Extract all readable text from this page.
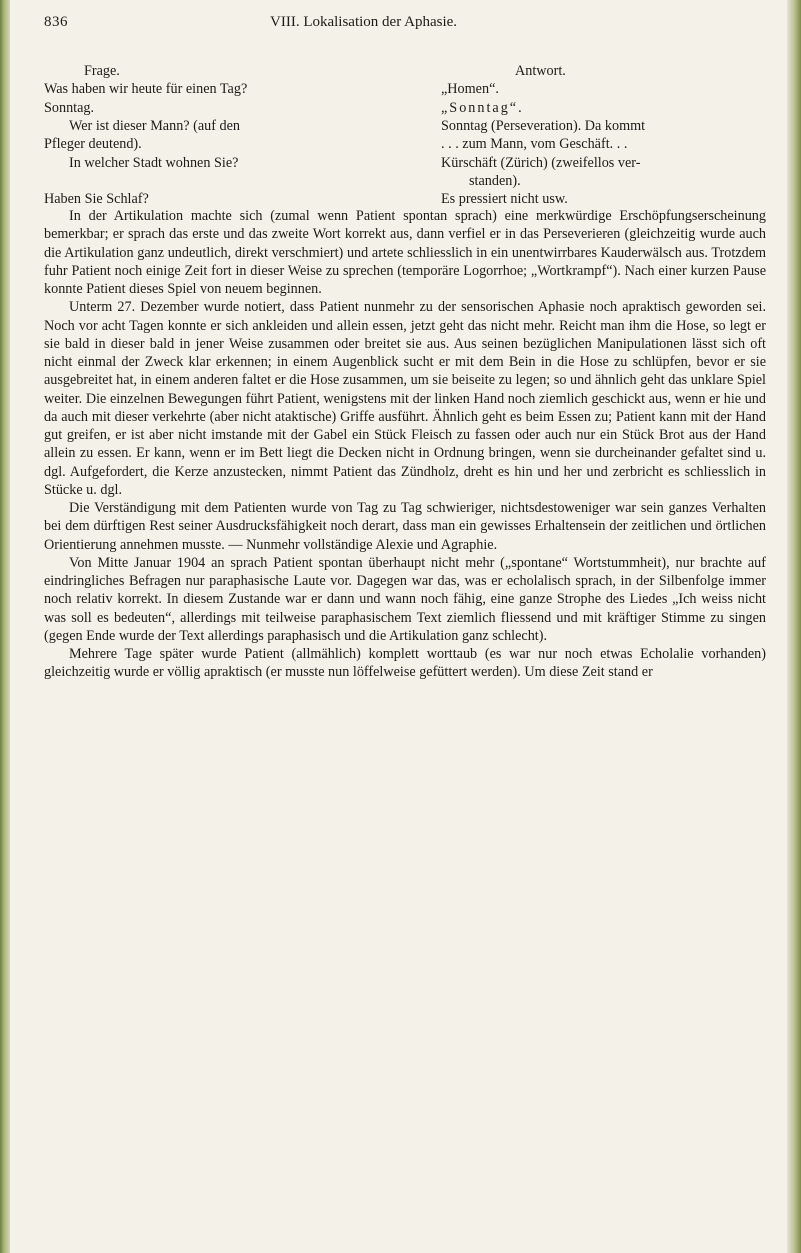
836	VIII. Lokalisation der Aphasie.
Frage.	Antwort.
Was haben wir heute für einen Tag?	„Homen“.
Sonntag.	„Sonntag“.
Wer ist dieser Mann? (auf den	Sonntag (Perseveration). Da kommt
Pfleger deutend).	. . . zum Mann, vom Geschäft. . .
In welcher Stadt wohnen Sie?	Kürschäft (Zürich) (zweifellos ver-
standen).
Haben Sie Schlaf?	Es pressiert nicht usw.

In der Artikulation machte sich (zumal wenn Patient spontan sprach) eine merkwürdige Erschöpfungserscheinung bemerkbar; er sprach das erste und das zweite Wort korrekt aus, dann verfiel er in das Perseverieren (gleichzeitig wurde auch die Artikulation ganz undeutlich, direkt verschmiert) und artete schliesslich in ein unentwirrbares Kauderwälsch aus. Trotzdem fuhr Patient noch einige Zeit fort in dieser Weise zu sprechen (temporäre Logorrhoe; „Wortkrampf“). Nach einer kurzen Pause konnte Patient dieses Spiel von neuem beginnen.

Unterm 27. Dezember wurde notiert, dass Patient nunmehr zu der sensorischen Aphasie noch apraktisch geworden sei. Noch vor acht Tagen konnte er sich ankleiden und allein essen, jetzt geht das nicht mehr. Reicht man ihm die Hose, so legt er sie bald in dieser bald in jener Weise zusammen oder breitet sie aus. Aus seinen bezüglichen Manipulationen lässt sich oft nicht einmal der Zweck klar erkennen; in einem Augenblick sucht er mit dem Bein in die Hose zu schlüpfen, bevor er sie ausgebreitet hat, in einem anderen faltet er die Hose zusammen, um sie beiseite zu legen; so und ähnlich geht das unklare Spiel weiter. Die einzelnen Bewegungen führt Patient, wenigstens mit der linken Hand noch ziemlich geschickt aus, wenn er hie und da auch mit dieser verkehrte (aber nicht ataktische) Griffe ausführt. Ähnlich geht es beim Essen zu; Patient kann mit der Hand gut greifen, er ist aber nicht imstande mit der Gabel ein Stück Fleisch zu fassen oder auch nur ein Stück Brot aus der Hand allein zu essen. Er kann, wenn er im Bett liegt die Decken nicht in Ordnung bringen, wenn sie durcheinander gefaltet sind u. dgl. Aufgefordert, die Kerze anzustecken, nimmt Patient das Zündholz, dreht es hin und her und zerbricht es schliesslich in Stücke u. dgl.

Die Verständigung mit dem Patienten wurde von Tag zu Tag schwieriger, nichtsdestoweniger war sein ganzes Verhalten bei dem dürftigen Rest seiner Ausdrucksfähigkeit noch derart, dass man ein gewisses Erhaltensein der zeitlichen und örtlichen Orientierung annehmen musste. — Nunmehr vollständige Alexie und Agraphie.

Von Mitte Januar 1904 an sprach Patient spontan überhaupt nicht mehr („spontane“ Wortstummheit), nur brachte auf eindringliches Befragen nur paraphasische Laute vor. Dagegen war das, was er echolalisch sprach, in der Silbenfolge immer noch relativ korrekt. In diesem Zustande war er dann und wann noch fähig, eine ganze Strophe des Liedes „Ich weiss nicht was soll es bedeuten“, allerdings mit teilweise paraphasischem Text ziemlich fliessend und mit kräftiger Stimme zu singen (gegen Ende wurde der Text allerdings paraphasisch und die Artikulation ganz schlecht).

Mehrere Tage später wurde Patient (allmählich) komplett worttaub (es war nur noch etwas Echolalie vorhanden) gleichzeitig wurde er völlig apraktisch (er musste nun löffelweise gefüttert werden). Um diese Zeit stand er
